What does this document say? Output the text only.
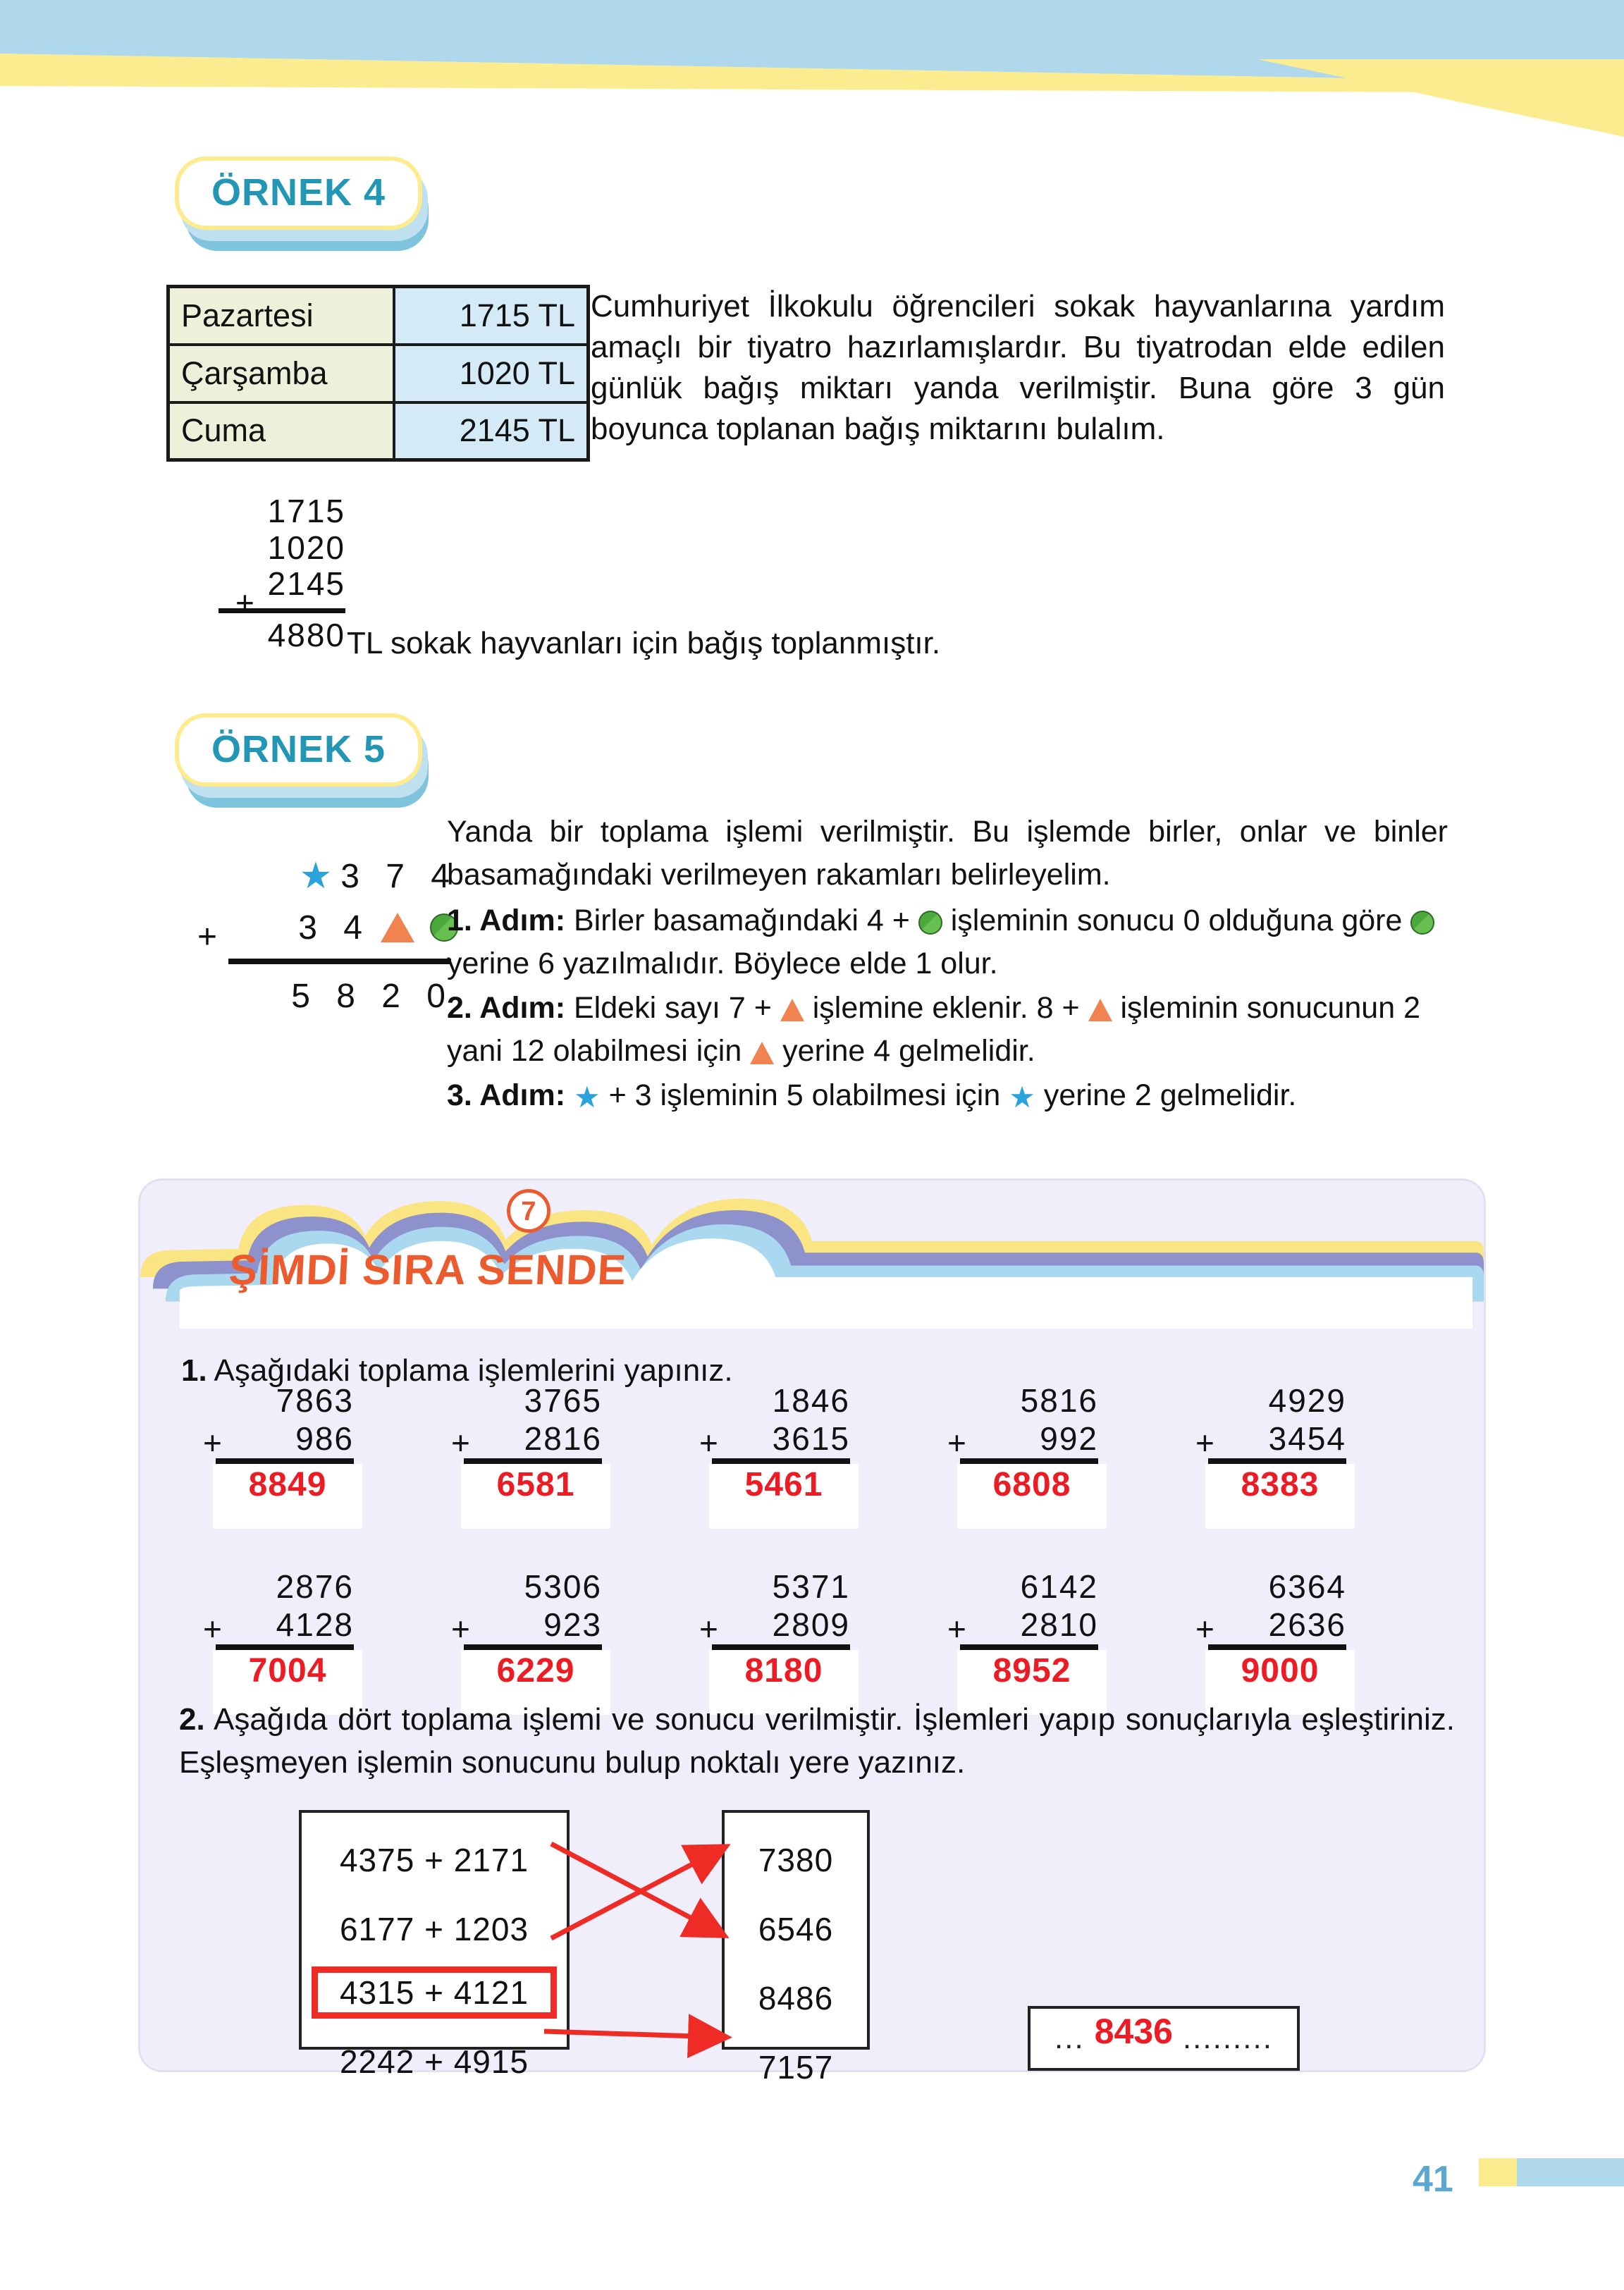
ÖRNEK 4
Pazartesi	1715 TL
Çarşamba	1020 TL
Cuma	2145 TL
Cumhuriyet İlkokulu öğrencileri sokak hayvanlarına yardım amaçlı bir tiyatro hazırlamışlardır. Bu tiyatrodan elde edilen günlük bağış miktarı yanda verilmiştir. Buna göre 3 gün boyunca toplanan bağış miktarını bulalım.
1715
1020
2145
+
4880 TL sokak hayvanları için bağış toplanmıştır.
ÖRNEK 5
★ 3 7 4
3 4
+
5 8 2 0
Yanda bir toplama işlemi verilmiştir. Bu işlemde birler, onlar ve binler basamağındaki verilmeyen rakamları belirleyelim.
1. Adım: Birler basamağındaki 4 + işleminin sonucu 0 olduğuna göre  yerine 6 yazılmalıdır. Böylece elde 1 olur.
2. Adım: Eldeki sayı 7 + işlemine eklenir. 8 + işleminin sonucunun 2 yani 12 olabilmesi için yerine 4 gelmelidir.
3. Adım: ★ + 3 işleminin 5 olabilmesi için ★ yerine 2 gelmelidir.
ŞİMDİ SIRA SENDE
7
1. Aşağıdaki toplama işlemlerini yapınız.
7863
986
+
8849
3765
2816
+
6581
1846
3615
+
5461
5816
992
+
6808
4929
3454
+
8383
2876
4128
+
7004
5306
923
+
6229
5371
2809
+
8180
6142
2810
+
8952
6364
2636
+
9000
2. Aşağıda dört toplama işlemi ve sonucu verilmiştir. İşlemleri yapıp sonuçlarıyla eşleştiriniz. Eşleşmeyen işlemin sonucunu bulup noktalı yere yazınız.
4375 + 2171
6177 + 1203
4315 + 4121
2242 + 4915
7380
6546
8486
7157
... 8436 .........
41
